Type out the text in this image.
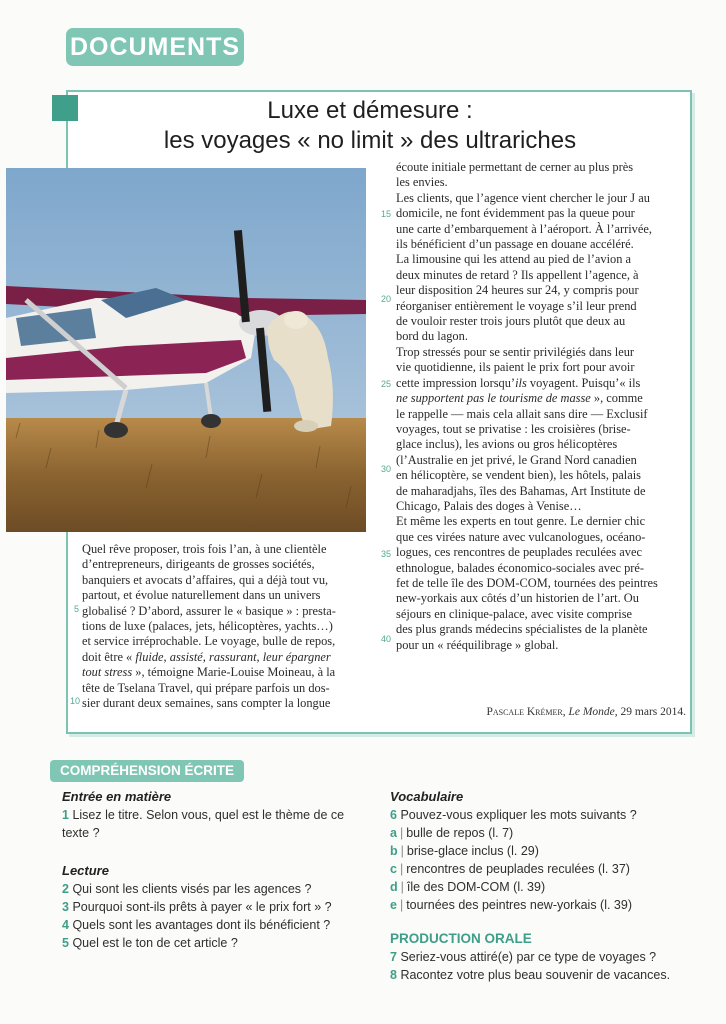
DOCUMENTS
Luxe et démesure :
les voyages « no limit » des ultrariches
écoute initiale permettant de cerner au plus près
les envies.
Les clients, que l’agence vient chercher le jour J au
domicile, ne font évidemment pas la queue pour
une carte d’embarquement à l’aéroport. À l’arrivée,
ils bénéficient d’un passage en douane accéléré.
La limousine qui les attend au pied de l’avion a
deux minutes de retard ? Ils appellent l’agence, à
leur disposition 24 heures sur 24, y compris pour
réorganiser entièrement le voyage s’il leur prend
de vouloir rester trois jours plutôt que deux au
bord du lagon.
Trop stressés pour se sentir privilégiés dans leur
vie quotidienne, ils paient le prix fort pour avoir
cette impression lorsqu’ils voyagent. Puisqu’« ils
ne supportent pas le tourisme de masse », comme
le rappelle — mais cela allait sans dire — Exclusif
voyages, tout se privatise : les croisières (brise-
glace inclus), les avions ou gros hélicoptères
(l’Australie en jet privé, le Grand Nord canadien
en hélicoptère, se vendent bien), les hôtels, palais
de maharadjahs, îles des Bahamas, Art Institute de
Chicago, Palais des doges à Venise…
Et même les experts en tout genre. Le dernier chic
que ces virées nature avec vulcanologues, océano-
logues, ces rencontres de peuplades reculées avec
ethnologue, balades économico-sociales avec pré-
fet de telle île des DOM-COM, tournées des peintres
new-yorkais aux côtés d’un historien de l’art. Ou
séjours en clinique-palace, avec visite comprise
des plus grands médecins spécialistes de la planète
pour un « rééquilibrage » global.
Quel rêve proposer, trois fois l’an, à une clientèle
d’entrepreneurs, dirigeants de grosses sociétés,
banquiers et avocats d’affaires, qui a déjà tout vu,
partout, et évolue naturellement dans un univers
globalisé ? D’abord, assurer le « basique » : presta-
tions de luxe (palaces, jets, hélicoptères, yachts…)
et service irréprochable. Le voyage, bulle de repos,
doit être « fluide, assisté, rassurant, leur épargner
tout stress », témoigne Marie-Louise Moineau, à la
tête de Tselana Travel, qui prépare parfois un dos-
sier durant deux semaines, sans compter la longue
5
10
15
20
25
30
35
40
Pascale Krémer, Le Monde, 29 mars 2014.
COMPRÉHENSION ÉCRITE
Entrée en matière
1 Lisez le titre. Selon vous, quel est le thème de ce
texte ?
Lecture
2 Qui sont les clients visés par les agences ?
3 Pourquoi sont-ils prêts à payer « le prix fort » ?
4 Quels sont les avantages dont ils bénéficient ?
5 Quel est le ton de cet article ?
Vocabulaire
6 Pouvez-vous expliquer les mots suivants ?
a | bulle de repos (l. 7)
b | brise-glace inclus (l. 29)
c | rencontres de peuplades reculées (l. 37)
d | île des DOM-COM (l. 39)
e | tournées des peintres new-yorkais (l. 39)
PRODUCTION ORALE
7 Seriez-vous attiré(e) par ce type de voyages ?
8 Racontez votre plus beau souvenir de vacances.
